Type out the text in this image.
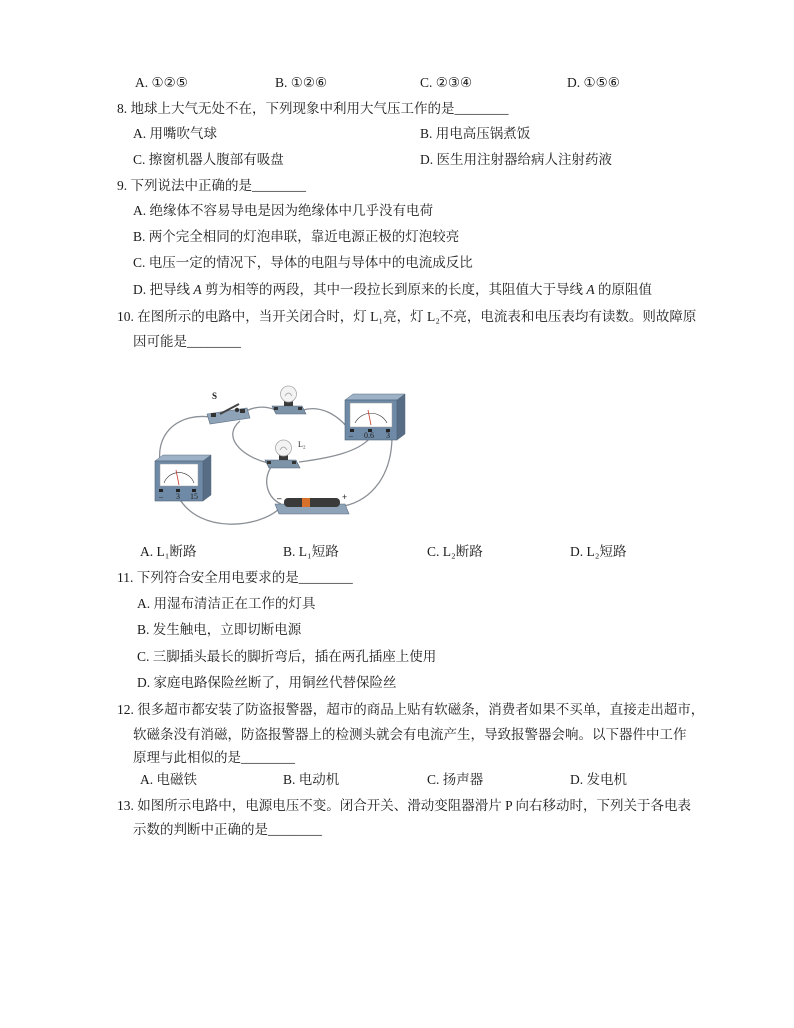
A. ①②⑤	B. ①②⑥	C. ②③④	D. ①⑤⑥
8. 地球上大气无处不在，下列现象中利用大气压工作的是________
A. 用嘴吹气球	B. 用电高压锅煮饭
C. 擦窗机器人腹部有吸盘	D. 医生用注射器给病人注射药液
9. 下列说法中正确的是________
A. 绝缘体不容易导电是因为绝缘体中几乎没有电荷
B. 两个完全相同的灯泡串联，靠近电源正极的灯泡较亮
C. 电压一定的情况下，导体的电阻与导体中的电流成反比
D. 把导线 A 剪为相等的两段，其中一段拉长到原来的长度，其阻值大于导线 A 的原阻值
10. 在图所示的电路中，当开关闭合时，灯 L₁亮，灯 L₂不亮，电流表和电压表均有读数。则故障原
因可能是________
S
– 0.6 3
L₂
– 3 15	–	+
A. L₁断路	B. L₁短路	C. L₂断路	D. L₂短路
11. 下列符合安全用电要求的是________
A. 用湿布清洁正在工作的灯具
B. 发生触电，立即切断电源
C. 三脚插头最长的脚折弯后，插在两孔插座上使用
D. 家庭电路保险丝断了，用铜丝代替保险丝
12. 很多超市都安装了防盗报警器，超市的商品上贴有软磁条，消费者如果不买单，直接走出超市，
软磁条没有消磁，防盗报警器上的检测头就会有电流产生，导致报警器会响。以下器件中工作
原理与此相似的是________
A. 电磁铁	B. 电动机	C. 扬声器	D. 发电机
13. 如图所示电路中，电源电压不变。闭合开关、滑动变阻器滑片 P 向右移动时，下列关于各电表
示数的判断中正确的是________
